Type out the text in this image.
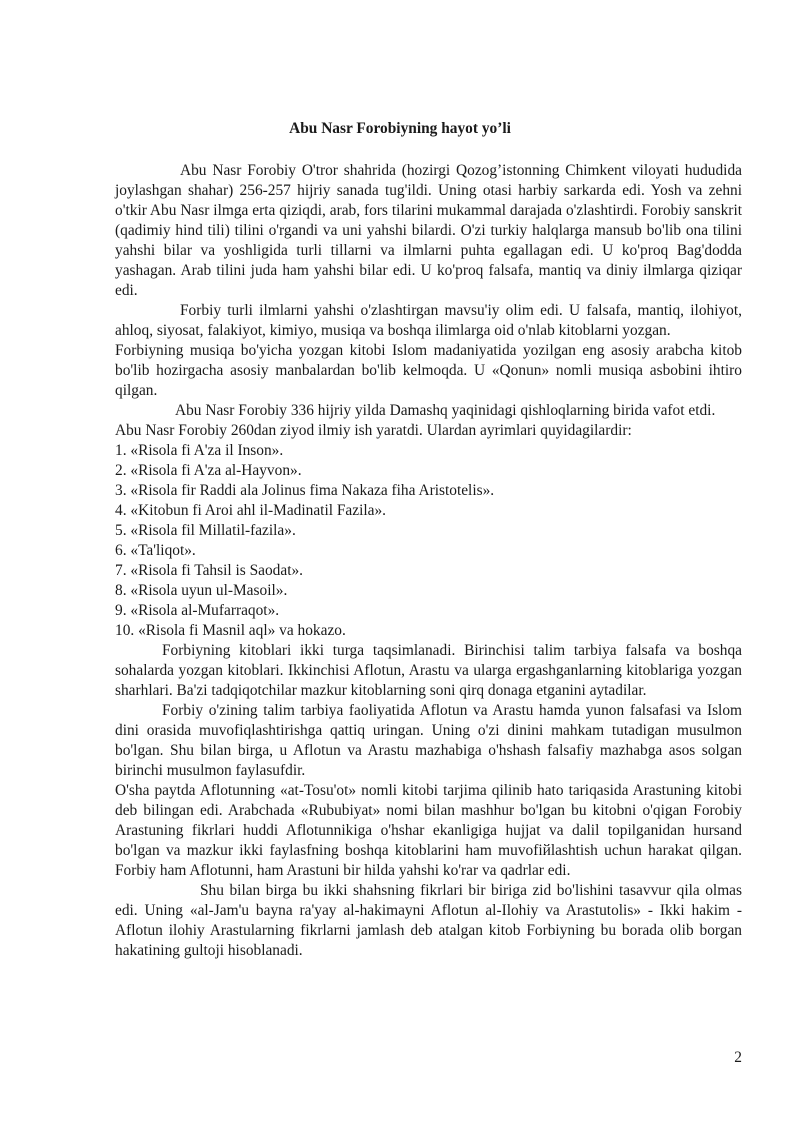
Abu Nasr Forobiyning hayot yo’li

Abu Nasr Forobiy O'tror shahrida (hozirgi Qozog’istonning Chimkent viloyati hududida joylashgan shahar) 256-257 hijriy sanada tug'ildi. Uning otasi harbiy sarkarda edi. Yosh va zehni o'tkir Abu Nasr ilmga erta qiziqdi, arab, fors tilarini mukammal darajada o'zlashtirdi. Forobiy sanskrit (qadimiy hind tili) tilini o'rgandi va uni yahshi bilardi. O'zi turkiy halqlarga mansub bo'lib ona tilini yahshi bilar va yoshligida turli tillarni va ilmlarni puhta egallagan edi. U ko'proq Bag'dodda yashagan. Arab tilini juda ham yahshi bilar edi. U ko'proq falsafa, mantiq va diniy ilmlarga qiziqar edi.

Forbiy turli ilmlarni yahshi o'zlashtirgan mavsu'iy olim edi. U falsafa, mantiq, ilohiyot, ahloq, siyosat, falakiyot, kimiyo, musiqa va boshqa ilimlarga oid o'nlab kitoblarni yozgan.

Forbiyning musiqa bo'yicha yozgan kitobi Islom madaniyatida yozilgan eng asosiy arabcha kitob bo'lib hozirgacha asosiy manbalardan bo'lib kelmoqda. U «Qonun» nomli musiqa asbobini ihtiro qilgan.

Abu Nasr Forobiy 336 hijriy yilda Damashq yaqinidagi qishloqlarning birida vafot etdi.

Abu Nasr Forobiy 260dan ziyod ilmiy ish yaratdi. Ulardan ayrimlari quyidagilardir:

1. «Risola fi A'za il Inson».
2. «Risola fi A'za al-Hayvon».
3. «Risola fir Raddi ala Jolinus fima Nakaza fiha Aristotelis».
4. «Kitobun fi Aroi ahl il-Madinatil Fazila».
5. «Risola fil Millatil-fazila».
6. «Ta'liqot».
7. «Risola fi Tahsil is Saodat».
8. «Risola uyun ul-Masoil».
9. «Risola al-Mufarraqot».
10. «Risola fi Masnil aql» va hokazo.

Forbiyning kitoblari ikki turga taqsimlanadi. Birinchisi talim tarbiya falsafa va boshqa sohalarda yozgan kitoblari. Ikkinchisi Aflotun, Arastu va ularga ergashganlarning kitoblariga yozgan sharhlari. Ba'zi tadqiqotchilar mazkur kitoblarning soni qirq donaga etganini aytadilar.

Forbiy o'zining talim tarbiya faoliyatida Aflotun va Arastu hamda yunon falsafasi va Islom dini orasida muvofiqlashtirishga qattiq uringan. Uning o'zi dinini mahkam tutadigan musulmon bo'lgan. Shu bilan birga, u Aflotun va Arastu mazhabiga o'hshash falsafiy mazhabga asos solgan birinchi musulmon faylasufdir.

O'sha paytda Aflotunning «at-Tosu'ot» nomli kitobi tarjima qilinib hato tariqasida Arastuning kitobi deb bilingan edi. Arabchada «Rububiyat» nomi bilan mashhur bo'lgan bu kitobni o'qigan Forobiy Arastuning fikrlari huddi Aflotunnikiga o'hshar ekanligiga hujjat va dalil topilganidan hursand bo'lgan va mazkur ikki faylasfning boshqa kitoblarini ham muvofiйlashtish uchun harakat qilgan. Forbiy ham Aflotunni, ham Arastuni bir hilda yahshi ko'rar va qadrlar edi.

Shu bilan birga bu ikki shahsning fikrlari bir biriga zid bo'lishini tasavvur qila olmas edi. Uning «al-Jam'u bayna ra'yay al-hakimayni Aflotun al-Ilohiy va Arastutolis» - Ikki hakim - Aflotun ilohiy Arastularning fikrlarni jamlash deb atalgan kitob Forbiyning bu borada olib borgan hakatining gultoji hisoblanadi.

2
